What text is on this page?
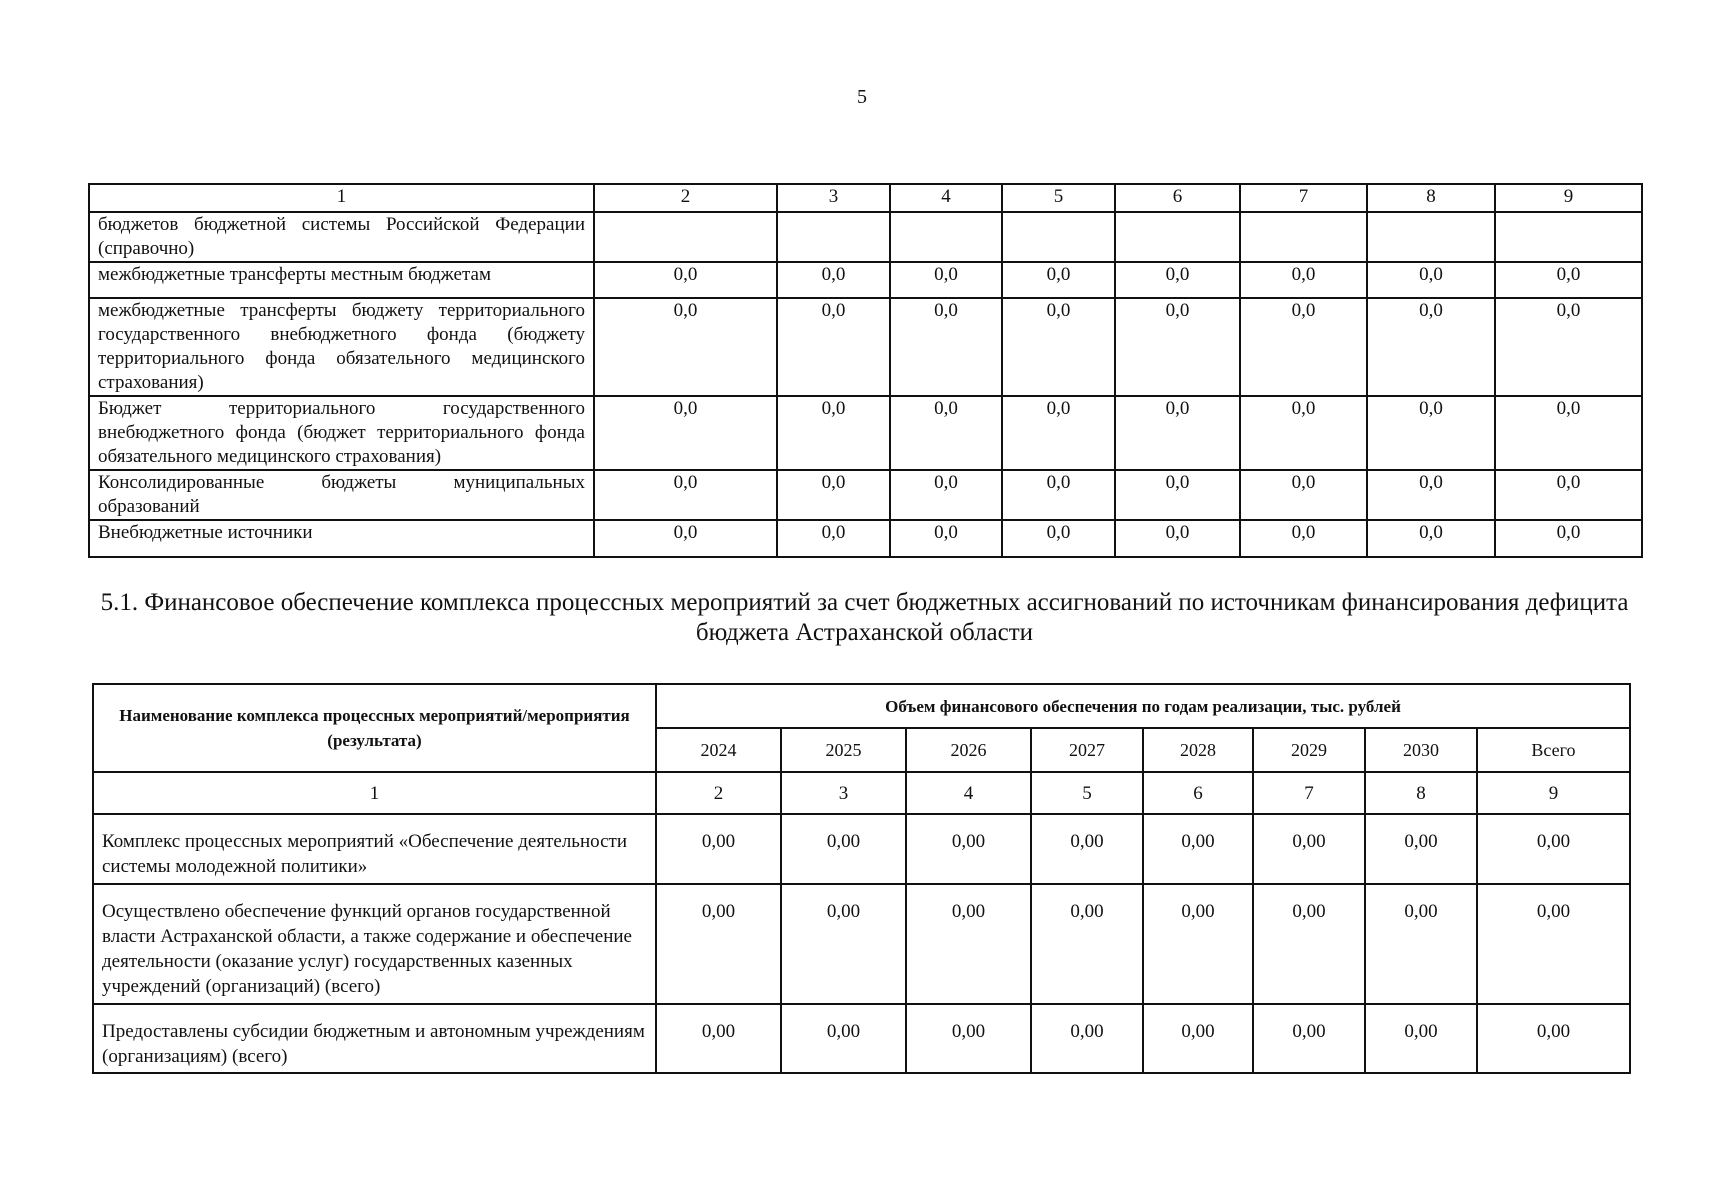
5
1	2	3	4	5	6	7	8	9
бюджетов бюджетной системы Российской Федерации (справочно)								
межбюджетные трансферты местным бюджетам	0,0	0,0	0,0	0,0	0,0	0,0	0,0	0,0
межбюджетные трансферты бюджету территориального государственного внебюджетного фонда (бюджету территориального фонда обязательного медицинского страхования)	0,0	0,0	0,0	0,0	0,0	0,0	0,0	0,0
Бюджет территориального государственного внебюджетного фонда (бюджет территориального фонда обязательного медицинского страхования)	0,0	0,0	0,0	0,0	0,0	0,0	0,0	0,0
Консолидированные бюджеты муниципальных образований	0,0	0,0	0,0	0,0	0,0	0,0	0,0	0,0
Внебюджетные источники	0,0	0,0	0,0	0,0	0,0	0,0	0,0	0,0
5.1. Финансовое обеспечение комплекса процессных мероприятий за счет бюджетных ассигнований по источникам финансирования дефицита бюджета Астраханской области
Наименование комплекса процессных мероприятий/мероприятия (результата)	Объем финансового обеспечения по годам реализации, тыс. рублей							
	2024	2025	2026	2027	2028	2029	2030	Всего
1	2	3	4	5	6	7	8	9
Комплекс процессных мероприятий «Обеспечение деятельности системы молодежной политики»	0,00	0,00	0,00	0,00	0,00	0,00	0,00	0,00
Осуществлено обеспечение функций органов государственной власти Астраханской области, а также содержание и обеспечение деятельности (оказание услуг) государственных казенных учреждений (организаций) (всего)	0,00	0,00	0,00	0,00	0,00	0,00	0,00	0,00
Предоставлены субсидии бюджетным и автономным учреждениям (организациям) (всего)	0,00	0,00	0,00	0,00	0,00	0,00	0,00	0,00
